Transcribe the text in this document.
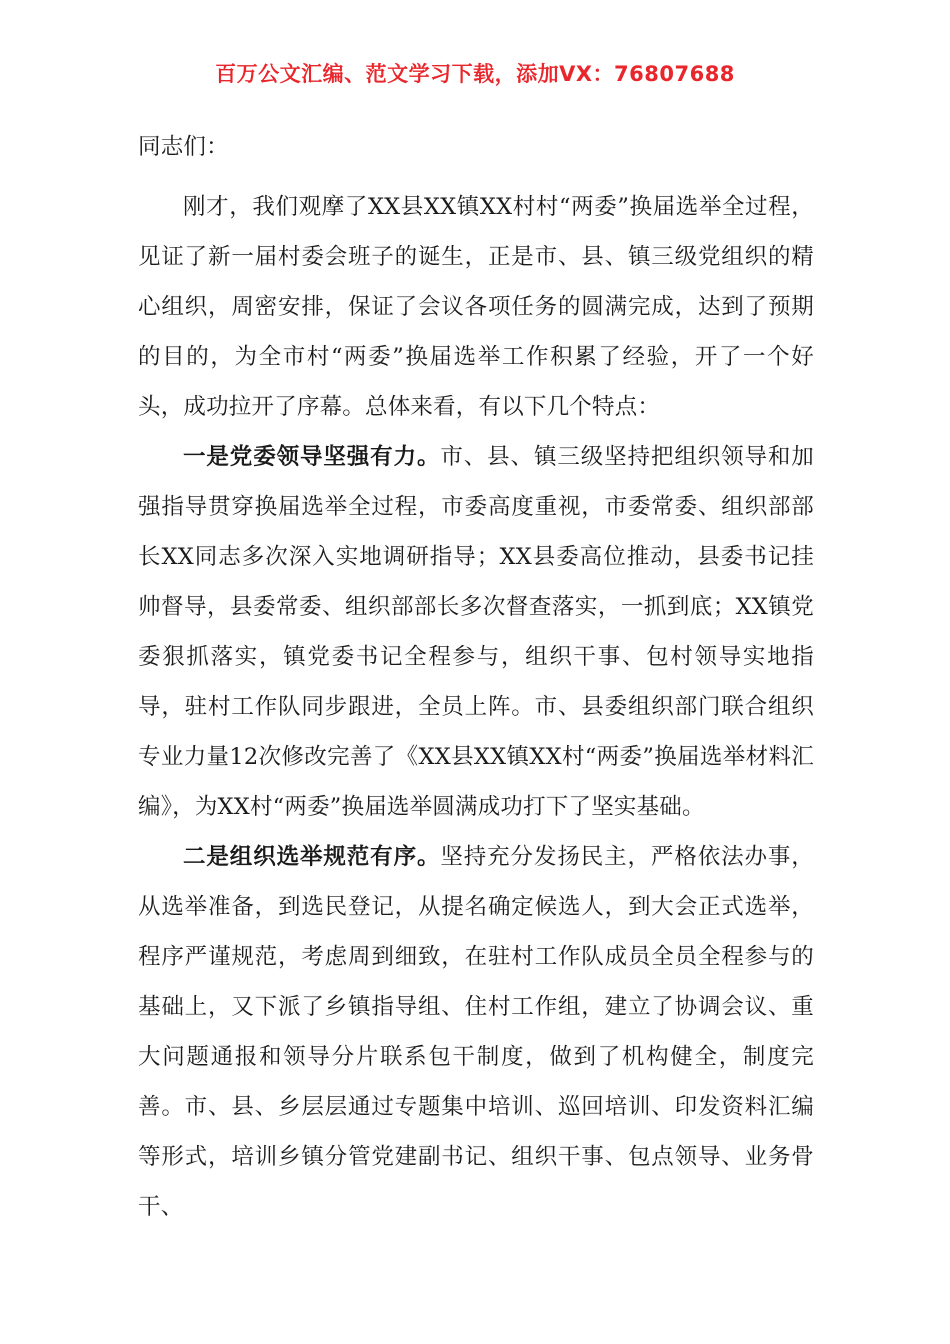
百万公文汇编、范文学习下载，添加VX：76807688

同志们：

刚才，我们观摩了XX县XX镇XX村村“两委”换届选举全过程，见证了新一届村委会班子的诞生，正是市、县、镇三级党组织的精心组织，周密安排，保证了会议各项任务的圆满完成，达到了预期的目的，为全市村“两委”换届选举工作积累了经验，开了一个好头，成功拉开了序幕。总体来看，有以下几个特点：

一是党委领导坚强有力。市、县、镇三级坚持把组织领导和加强指导贯穿换届选举全过程，市委高度重视，市委常委、组织部部长XX同志多次深入实地调研指导；XX县委高位推动，县委书记挂帅督导，县委常委、组织部部长多次督查落实，一抓到底；XX镇党委狠抓落实，镇党委书记全程参与，组织干事、包村领导实地指导，驻村工作队同步跟进，全员上阵。市、县委组织部门联合组织专业力量12次修改完善了《XX县XX镇XX村“两委”换届选举材料汇编》，为XX村“两委”换届选举圆满成功打下了坚实基础。

二是组织选举规范有序。坚持充分发扬民主，严格依法办事，从选举准备，到选民登记，从提名确定候选人，到大会正式选举，程序严谨规范，考虑周到细致，在驻村工作队成员全员全程参与的基础上，又下派了乡镇指导组、住村工作组，建立了协调会议、重大问题通报和领导分片联系包干制度，做到了机构健全，制度完善。市、县、乡层层通过专题集中培训、巡回培训、印发资料汇编等形式，培训乡镇分管党建副书记、组织干事、包点领导、业务骨干、
